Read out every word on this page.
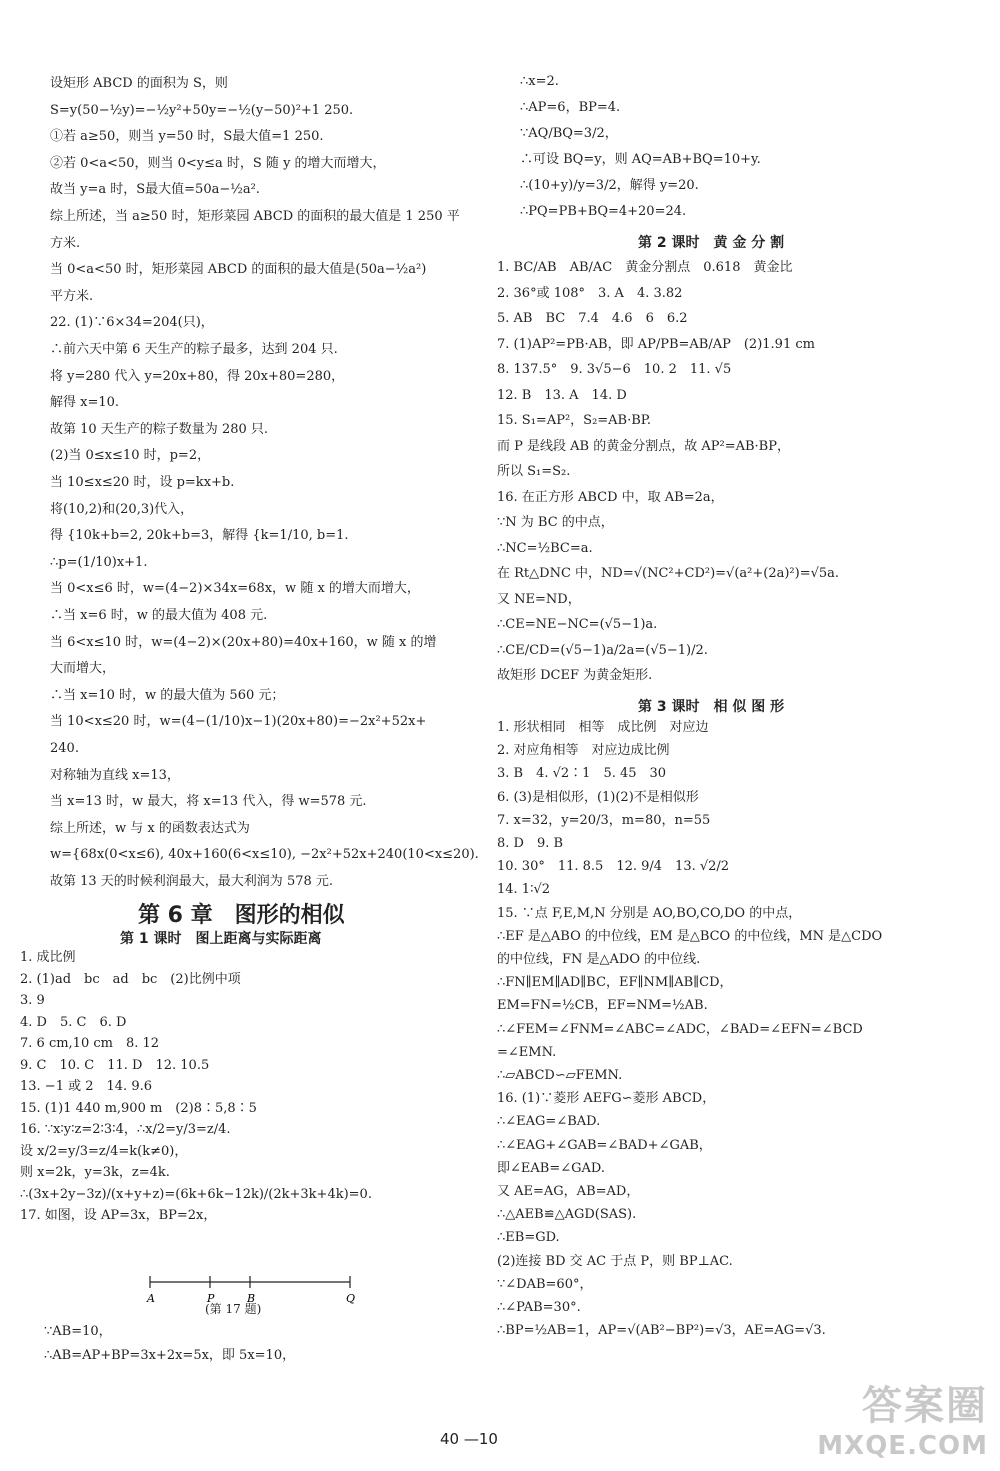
设矩形 ABCD 的面积为 S，则
S=y(50−½y)=−½y²+50y=−½(y−50)²+1 250.
①若 a≥50，则当 y=50 时，S最大值=1 250.
②若 0<a<50，则当 0<y≤a 时，S 随 y 的增大而增大，
故当 y=a 时，S最大值=50a−½a².
综上所述，当 a≥50 时，矩形菜园 ABCD 的面积的最大值是 1 250 平
方米.
当 0<a<50 时，矩形菜园 ABCD 的面积的最大值是(50a−½a²)
平方米.
22. (1)∵6×34=204(只)，
∴前六天中第 6 天生产的粽子最多，达到 204 只.
将 y=280 代入 y=20x+80，得 20x+80=280，
解得 x=10.
故第 10 天生产的粽子数量为 280 只.
(2)当 0≤x≤10 时，p=2，
当 10≤x≤20 时，设 p=kx+b.
将(10,2)和(20,3)代入，
得 {10k+b=2, 20k+b=3，解得 {k=1/10, b=1.
∴p=(1/10)x+1.
当 0<x≤6 时，w=(4−2)×34x=68x，w 随 x 的增大而增大，
∴当 x=6 时，w 的最大值为 408 元.
当 6<x≤10 时，w=(4−2)×(20x+80)=40x+160，w 随 x 的增
大而增大，
∴当 x=10 时，w 的最大值为 560 元；
当 10<x≤20 时，w=(4−(1/10)x−1)(20x+80)=−2x²+52x+
240.
对称轴为直线 x=13，
当 x=13 时，w 最大，将 x=13 代入，得 w=578 元.
综上所述，w 与 x 的函数表达式为
w={68x(0<x≤6), 40x+160(6<x≤10), −2x²+52x+240(10<x≤20).
故第 13 天的时候利润最大，最大利润为 578 元.
1. 成比例
2. (1)ad　bc　ad　bc　(2)比例中项
3. 9
4. D　5. C　6. D
7. 6 cm,10 cm　8. 12
9. C　10. C　11. D　12. 10.5
13. −1 或 2　14. 9.6
15. (1)1 440 m,900 m　(2)8∶5,8∶5
16. ∵x∶y∶z=2∶3∶4，∴x/2=y/3=z/4.
设 x/2=y/3=z/4=k(k≠0)，
则 x=2k，y=3k，z=4k.
∴(3x+2y−3z)/(x+y+z)=(6k+6k−12k)/(2k+3k+4k)=0.
17. 如图，设 AP=3x，BP=2x，
∵AB=10，
∴AB=AP+BP=3x+2x=5x，即 5x=10，
∴x=2.
∴AP=6，BP=4.
∵AQ/BQ=3/2，
∴可设 BQ=y，则 AQ=AB+BQ=10+y.
∴(10+y)/y=3/2，解得 y=20.
∴PQ=PB+BQ=4+20=24.
1. BC/AB　AB/AC　黄金分割点　0.618　黄金比
2. 36°或 108°　3. A　4. 3.82
5. AB　BC　7.4　4.6　6　6.2
7. (1)AP²=PB·AB，即 AP/PB=AB/AP　(2)1.91 cm
8. 137.5°　9. 3√5−6　10. 2　11. √5
12. B　13. A　14. D
15. S₁=AP²，S₂=AB·BP.
而 P 是线段 AB 的黄金分割点，故 AP²=AB·BP，
所以 S₁=S₂.
16. 在正方形 ABCD 中，取 AB=2a，
∵N 为 BC 的中点，
∴NC=½BC=a.
在 Rt△DNC 中，ND=√(NC²+CD²)=√(a²+(2a)²)=√5a.
又 NE=ND，
∴CE=NE−NC=(√5−1)a.
∴CE/CD=(√5−1)a/2a=(√5−1)/2.
故矩形 DCEF 为黄金矩形.
1. 形状相同　相等　成比例　对应边
2. 对应角相等　对应边成比例
3. B　4. √2∶1　5. 45　30
6. (3)是相似形，(1)(2)不是相似形
7. x=32，y=20/3，m=80，n=55
8. D　9. B
10. 30°　11. 8.5　12. 9/4　13. √2/2
14. 1∶√2
15. ∵点 F,E,M,N 分别是 AO,BO,CO,DO 的中点，
∴EF 是△ABO 的中位线，EM 是△BCO 的中位线，MN 是△CDO
的中位线，FN 是△ADO 的中位线.
∴FN∥EM∥AD∥BC，EF∥NM∥AB∥CD，
EM=FN=½CB，EF=NM=½AB.
∴∠FEM=∠FNM=∠ABC=∠ADC，∠BAD=∠EFN=∠BCD
=∠EMN.
∴▱ABCD∽▱FEMN.
16. (1)∵菱形 AEFG∽菱形 ABCD，
∴∠EAG=∠BAD.
∴∠EAG+∠GAB=∠BAD+∠GAB，
即∠EAB=∠GAD.
又 AE=AG，AB=AD，
∴△AEB≌△AGD(SAS).
∴EB=GD.
(2)连接 BD 交 AC 于点 P，则 BP⊥AC.
∵∠DAB=60°，
∴∠PAB=30°.
∴BP=½AB=1，AP=√(AB²−BP²)=√3，AE=AG=√3.
第 6 章　图形的相似
第 1 课时　图上距离与实际距离
第 2 课时　黄 金 分 割
第 3 课时　相 似 图 形
A	P	B	Q
(第 17 题)
40 —10
答案圈
MXQE.COM
